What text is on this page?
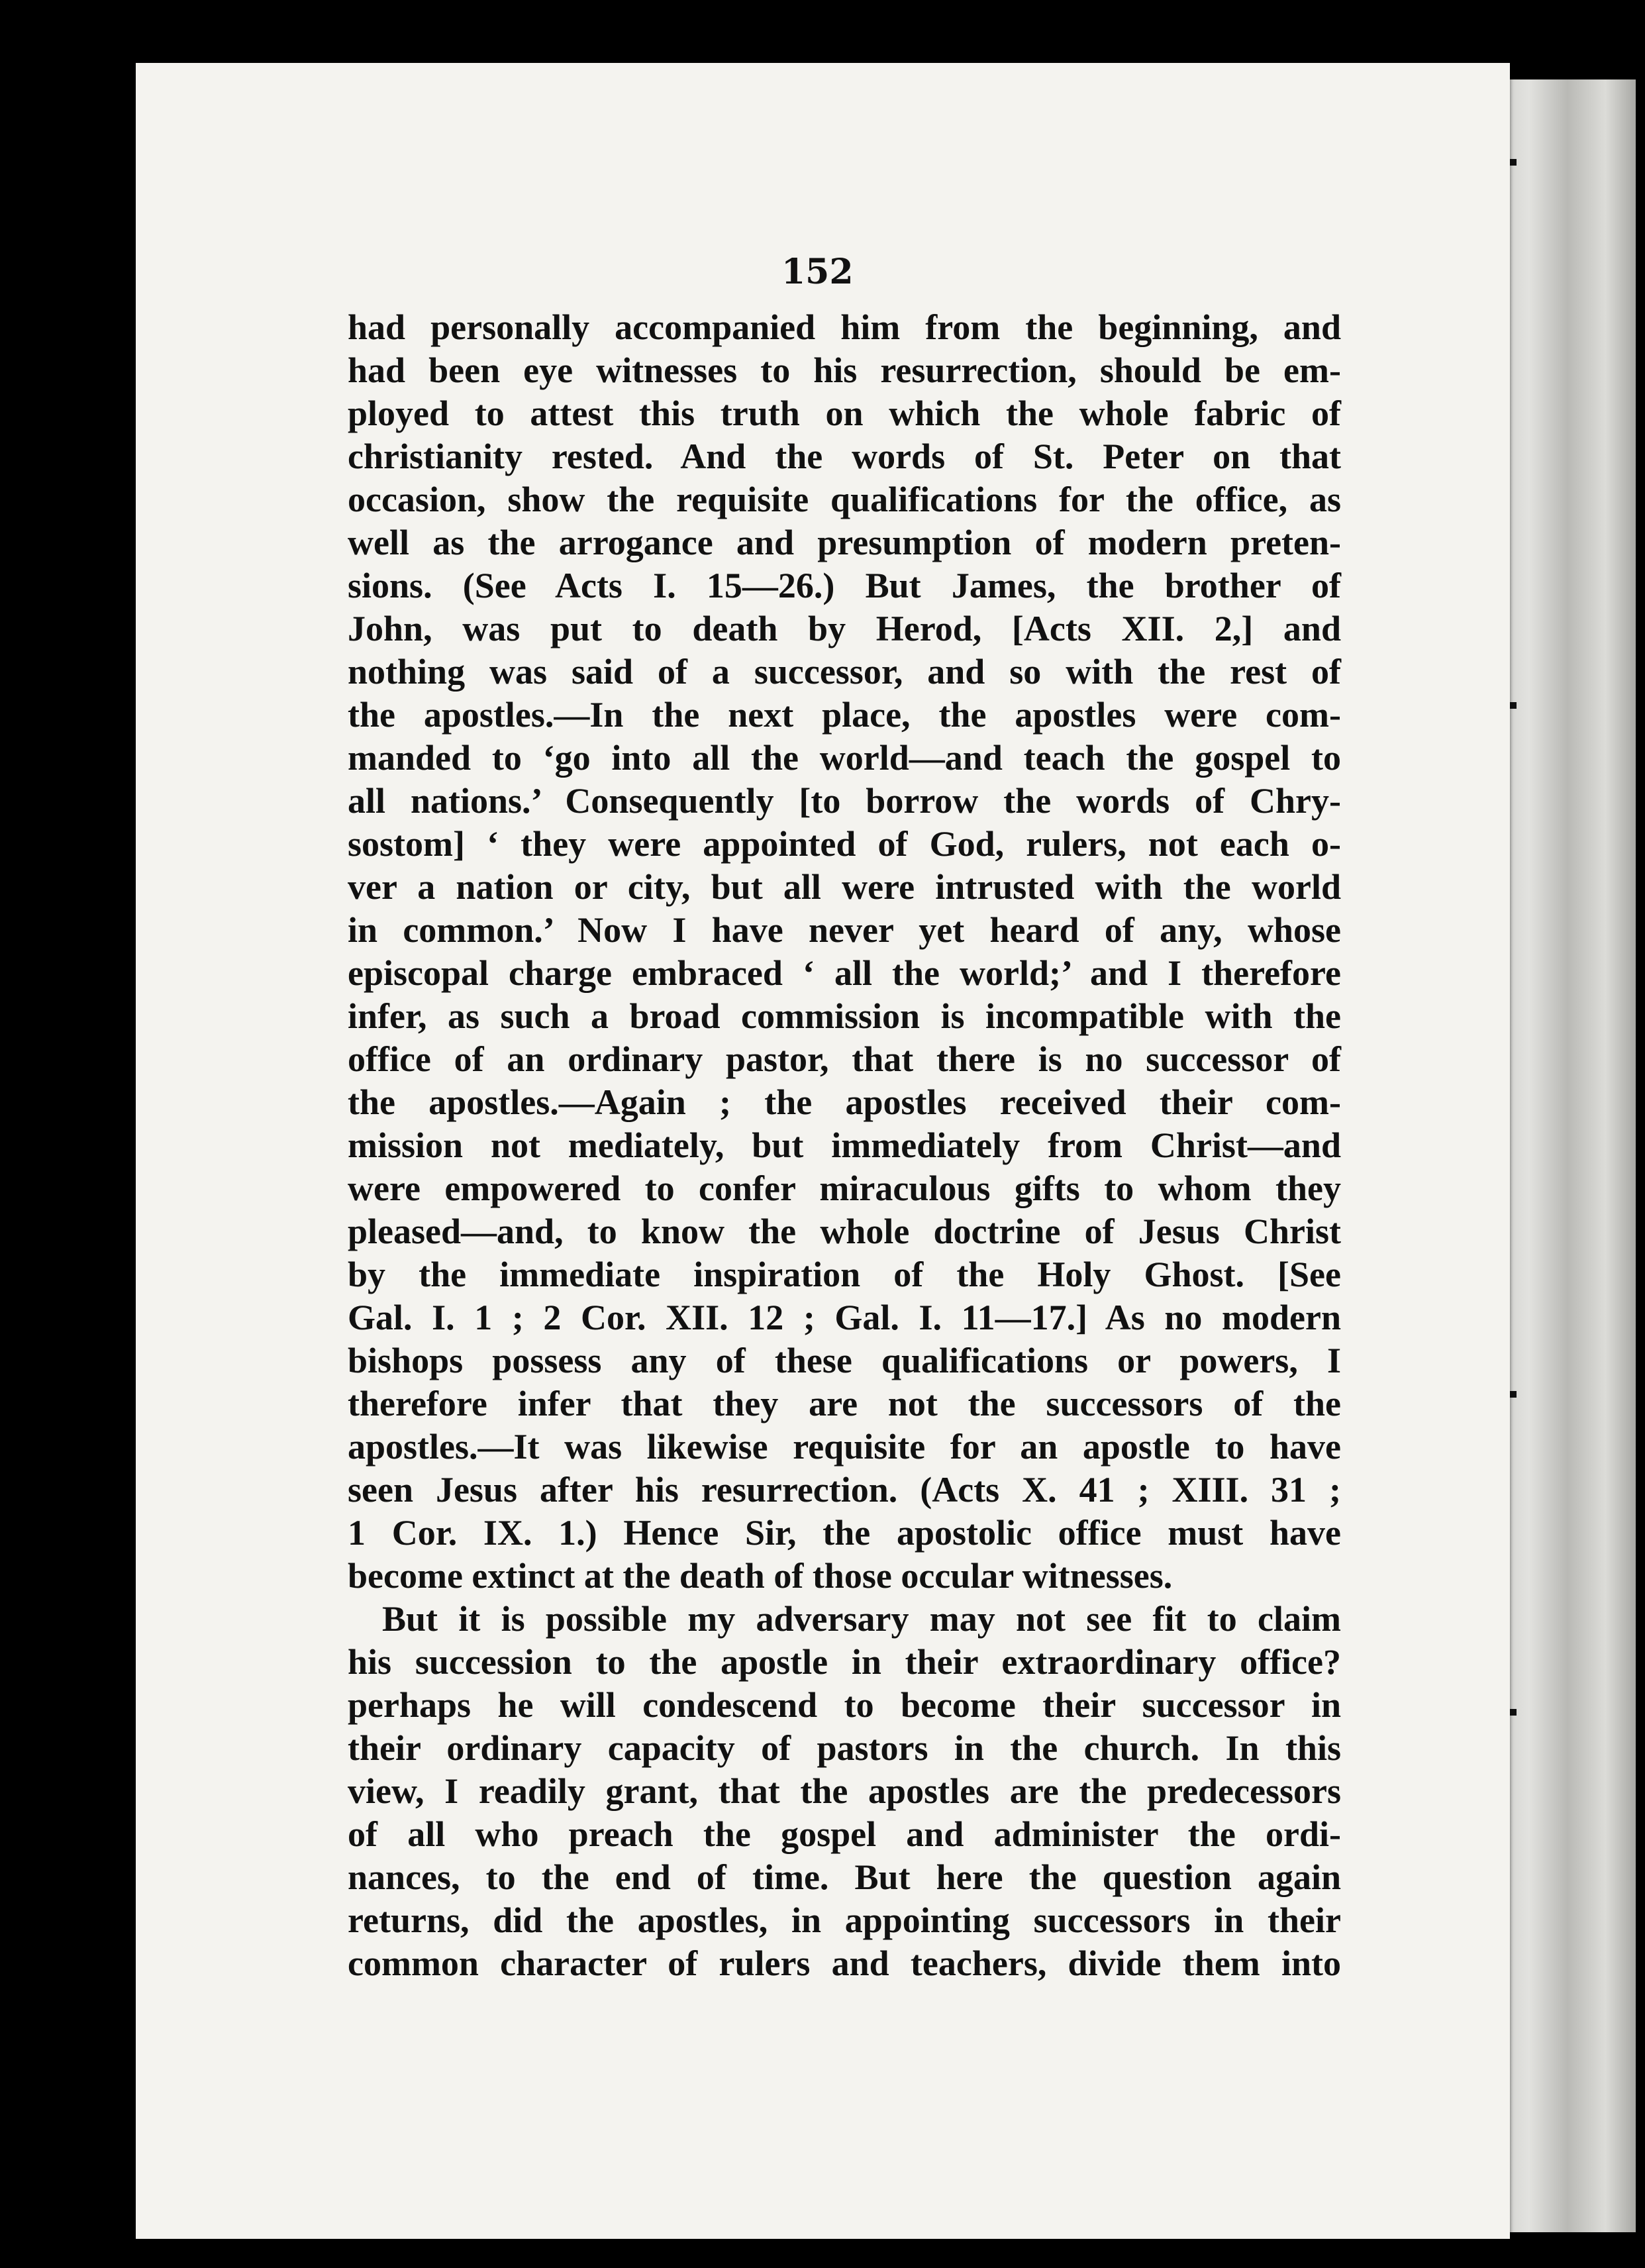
152
had personally accompanied him from the beginning, and
had been eye witnesses to his resurrection, should be em-
ployed to attest this truth on which the whole fabric of
christianity rested. And the words of St. Peter on that
occasion, show the requisite qualifications for the office, as
well as the arrogance and presumption of modern preten-
sions. (See Acts I. 15—26.) But James, the brother of
John, was put to death by Herod, [Acts XII. 2,] and
nothing was said of a successor, and so with the rest of
the apostles.—In the next place, the apostles were com-
manded to ‘go into all the world—and teach the gospel to
all nations.’ Consequently [to borrow the words of Chry-
sostom] ‘ they were appointed of God, rulers, not each o-
ver a nation or city, but all were intrusted with the world
in common.’ Now I have never yet heard of any, whose
episcopal charge embraced ‘ all the world;’ and I therefore
infer, as such a broad commission is incompatible with the
office of an ordinary pastor, that there is no successor of
the apostles.—Again ; the apostles received their com-
mission not mediately, but immediately from Christ—and
were empowered to confer miraculous gifts to whom they
pleased—and, to know the whole doctrine of Jesus Christ
by the immediate inspiration of the Holy Ghost. [See
Gal. I. 1 ; 2 Cor. XII. 12 ; Gal. I. 11—17.] As no modern
bishops possess any of these qualifications or powers, I
therefore infer that they are not the successors of the
apostles.—It was likewise requisite for an apostle to have
seen Jesus after his resurrection. (Acts X. 41 ; XIII. 31 ;
1 Cor. IX. 1.) Hence Sir, the apostolic office must have
become extinct at the death of those occular witnesses.
But it is possible my adversary may not see fit to claim
his succession to the apostle in their extraordinary office?
perhaps he will condescend to become their successor in
their ordinary capacity of pastors in the church. In this
view, I readily grant, that the apostles are the predecessors
of all who preach the gospel and administer the ordi-
nances, to the end of time. But here the question again
returns, did the apostles, in appointing successors in their
common character of rulers and teachers, divide them into
